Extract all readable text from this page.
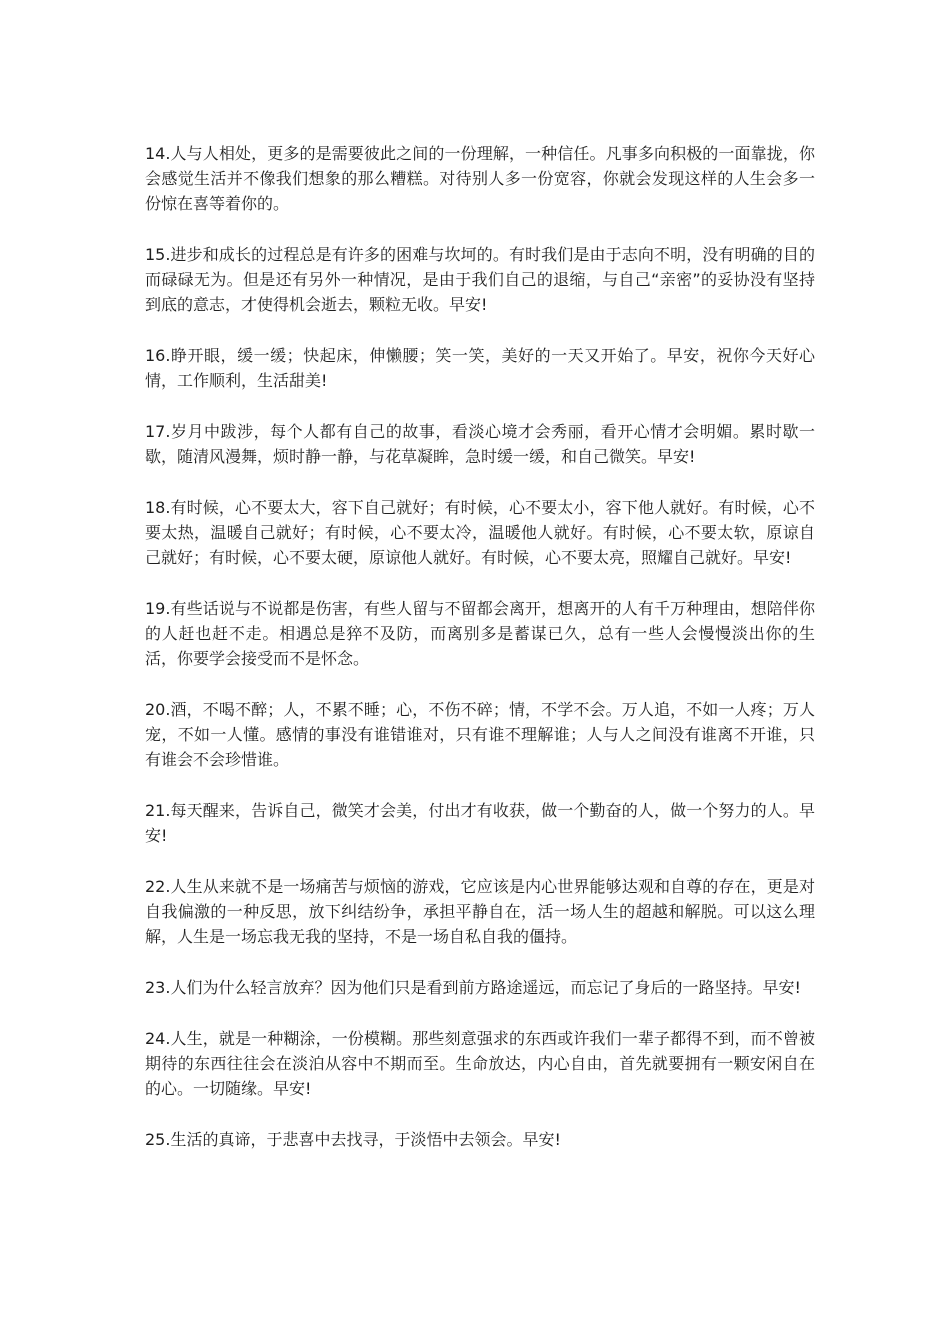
14.人与人相处，更多的是需要彼此之间的一份理解，一种信任。凡事多向积极的一面靠拢，你会感觉生活并不像我们想象的那么糟糕。对待别人多一份宽容，你就会发现这样的人生会多一份惊在喜等着你的。

15.进步和成长的过程总是有许多的困难与坎坷的。有时我们是由于志向不明，没有明确的目的而碌碌无为。但是还有另外一种情况，是由于我们自己的退缩，与自己“亲密”的妥协没有坚持到底的意志，才使得机会逝去，颗粒无收。早安!

16.睁开眼，缓一缓；快起床，伸懒腰；笑一笑，美好的一天又开始了。早安，祝你今天好心情，工作顺利，生活甜美!

17.岁月中跋涉，每个人都有自己的故事，看淡心境才会秀丽，看开心情才会明媚。累时歇一歇，随清风漫舞，烦时静一静，与花草凝眸，急时缓一缓，和自己微笑。早安!

18.有时候，心不要太大，容下自己就好；有时候，心不要太小，容下他人就好。有时候，心不要太热，温暖自己就好；有时候，心不要太冷，温暖他人就好。有时候，心不要太软，原谅自己就好；有时候，心不要太硬，原谅他人就好。有时候，心不要太亮，照耀自己就好。早安!

19.有些话说与不说都是伤害，有些人留与不留都会离开，想离开的人有千万种理由，想陪伴你的人赶也赶不走。相遇总是猝不及防，而离别多是蓄谋已久，总有一些人会慢慢淡出你的生活，你要学会接受而不是怀念。

20.酒，不喝不醉；人，不累不睡；心，不伤不碎；情，不学不会。万人追，不如一人疼；万人宠，不如一人懂。感情的事没有谁错谁对，只有谁不理解谁；人与人之间没有谁离不开谁，只有谁会不会珍惜谁。

21.每天醒来，告诉自己，微笑才会美，付出才有收获，做一个勤奋的人，做一个努力的人。早安!

22.人生从来就不是一场痛苦与烦恼的游戏，它应该是内心世界能够达观和自尊的存在，更是对自我偏激的一种反思，放下纠结纷争，承担平静自在，活一场人生的超越和解脱。可以这么理解，人生是一场忘我无我的坚持，不是一场自私自我的僵持。

23.人们为什么轻言放弃？因为他们只是看到前方路途遥远，而忘记了身后的一路坚持。早安!

24.人生，就是一种糊涂，一份模糊。那些刻意强求的东西或许我们一辈子都得不到，而不曾被期待的东西往往会在淡泊从容中不期而至。生命放达，内心自由，首先就要拥有一颗安闲自在的心。一切随缘。早安!

25.生活的真谛，于悲喜中去找寻，于淡悟中去领会。早安!
